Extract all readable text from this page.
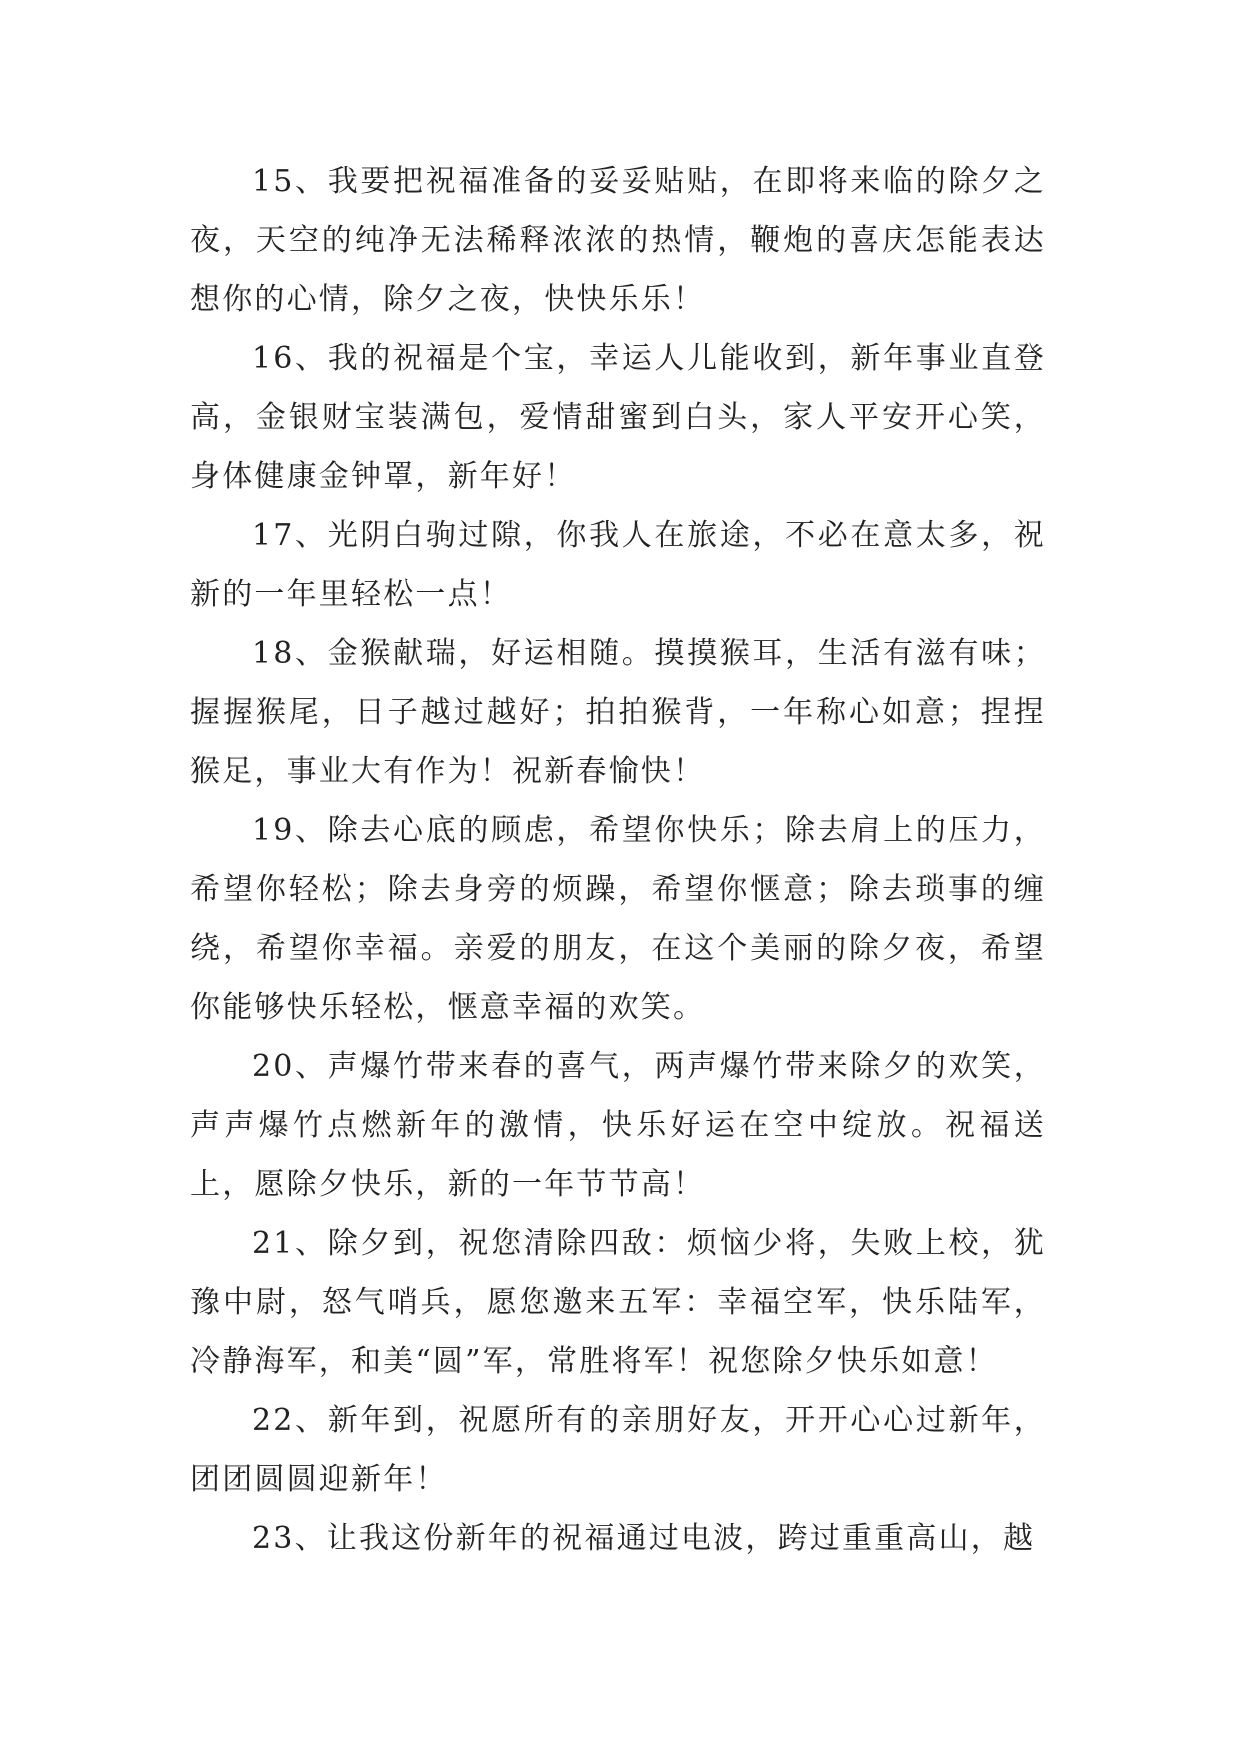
15、我要把祝福准备的妥妥贴贴，在即将来临的除夕之夜，天空的纯净无法稀释浓浓的热情，鞭炮的喜庆怎能表达想你的心情，除夕之夜，快快乐乐！

16、我的祝福是个宝，幸运人儿能收到，新年事业直登高，金银财宝装满包，爱情甜蜜到白头，家人平安开心笑，身体健康金钟罩，新年好！

17、光阴白驹过隙，你我人在旅途，不必在意太多，祝新的一年里轻松一点！

18、金猴献瑞，好运相随。摸摸猴耳，生活有滋有味；握握猴尾，日子越过越好；拍拍猴背，一年称心如意；捏捏猴足，事业大有作为！祝新春愉快！

19、除去心底的顾虑，希望你快乐；除去肩上的压力，希望你轻松；除去身旁的烦躁，希望你惬意；除去琐事的缠绕，希望你幸福。亲爱的朋友，在这个美丽的除夕夜，希望你能够快乐轻松，惬意幸福的欢笑。

20、声爆竹带来春的喜气，两声爆竹带来除夕的欢笑，声声爆竹点燃新年的激情，快乐好运在空中绽放。祝福送上，愿除夕快乐，新的一年节节高！

21、除夕到，祝您清除四敌：烦恼少将，失败上校，犹豫中尉，怒气哨兵，愿您邀来五军：幸福空军，快乐陆军，冷静海军，和美“圆”军，常胜将军！祝您除夕快乐如意！

22、新年到，祝愿所有的亲朋好友，开开心心过新年，团团圆圆迎新年！

23、让我这份新年的祝福通过电波，跨过重重高山，越
